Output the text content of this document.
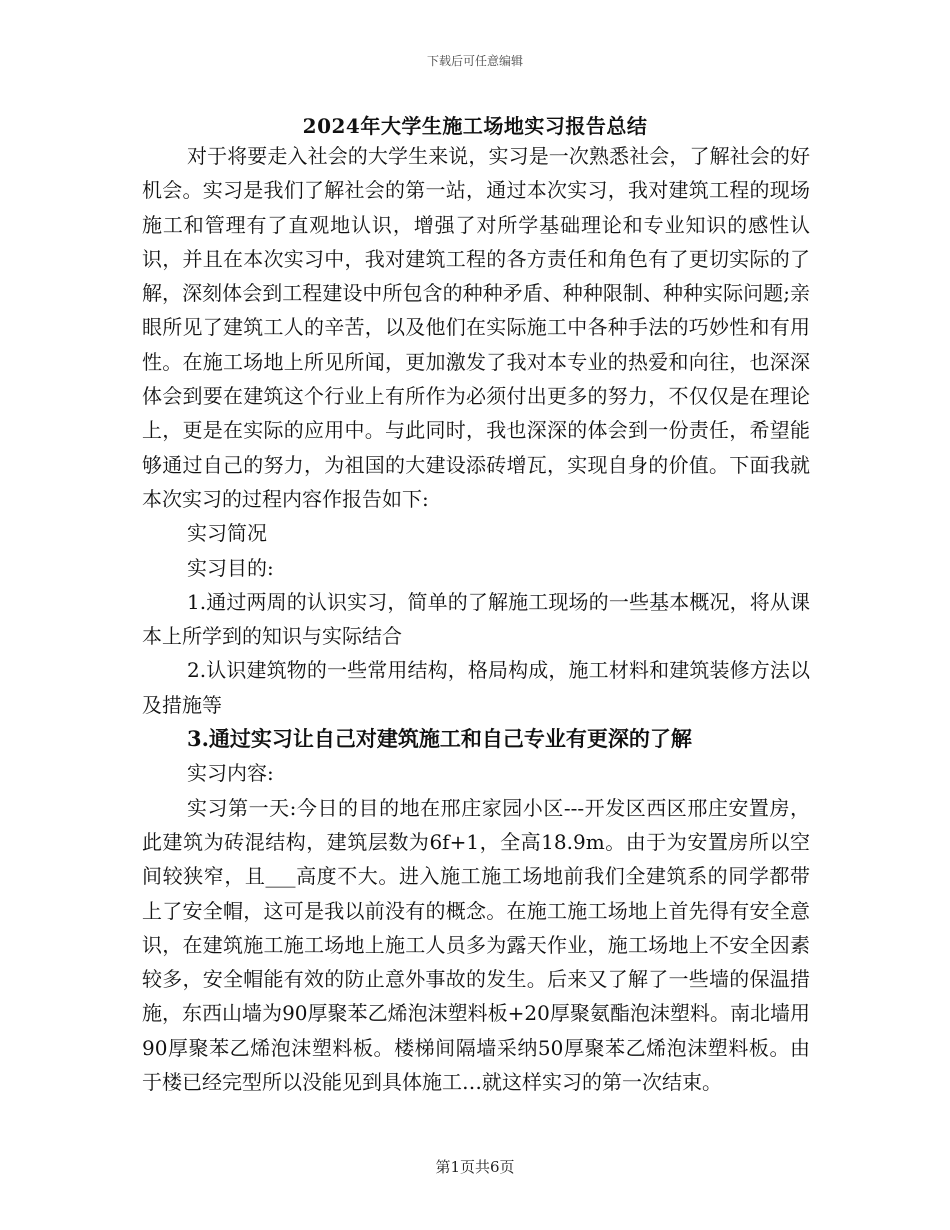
下载后可任意编辑
2024年大学生施工场地实习报告总结

对于将要走入社会的大学生来说，实习是一次熟悉社会，了解社会的好机会。实习是我们了解社会的第一站，通过本次实习，我对建筑工程的现场施工和管理有了直观地认识，增强了对所学基础理论和专业知识的感性认识，并且在本次实习中，我对建筑工程的各方责任和角色有了更切实际的了解，深刻体会到工程建设中所包含的种种矛盾、种种限制、种种实际问题;亲眼所见了建筑工人的辛苦，以及他们在实际施工中各种手法的巧妙性和有用性。在施工场地上所见所闻，更加激发了我对本专业的热爱和向往，也深深体会到要在建筑这个行业上有所作为必须付出更多的努力，不仅仅是在理论上，更是在实际的应用中。与此同时，我也深深的体会到一份责任，希望能够通过自己的努力，为祖国的大建设添砖增瓦，实现自身的价值。下面我就本次实习的过程内容作报告如下:

实习简况

实习目的:

1.通过两周的认识实习，简单的了解施工现场的一些基本概况，将从课本上所学到的知识与实际结合

2.认识建筑物的一些常用结构，格局构成，施工材料和建筑装修方法以及措施等

3.通过实习让自己对建筑施工和自己专业有更深的了解

实习内容:

实习第一天:今日的目的地在邢庄家园小区---开发区西区邢庄安置房，此建筑为砖混结构，建筑层数为6f+1，全高18.9m。由于为安置房所以空间较狭窄，且___高度不大。进入施工施工场地前我们全建筑系的同学都带上了安全帽，这可是我以前没有的概念。在施工施工场地上首先得有安全意识，在建筑施工施工场地上施工人员多为露天作业，施工场地上不安全因素较多，安全帽能有效的防止意外事故的发生。后来又了解了一些墙的保温措施，东西山墙为90厚聚苯乙烯泡沫塑料板+20厚聚氨酯泡沫塑料。南北墙用90厚聚苯乙烯泡沫塑料板。楼梯间隔墙采纳50厚聚苯乙烯泡沫塑料板。由于楼已经完型所以没能见到具体施工…就这样实习的第一次结束。

第1页共6页
